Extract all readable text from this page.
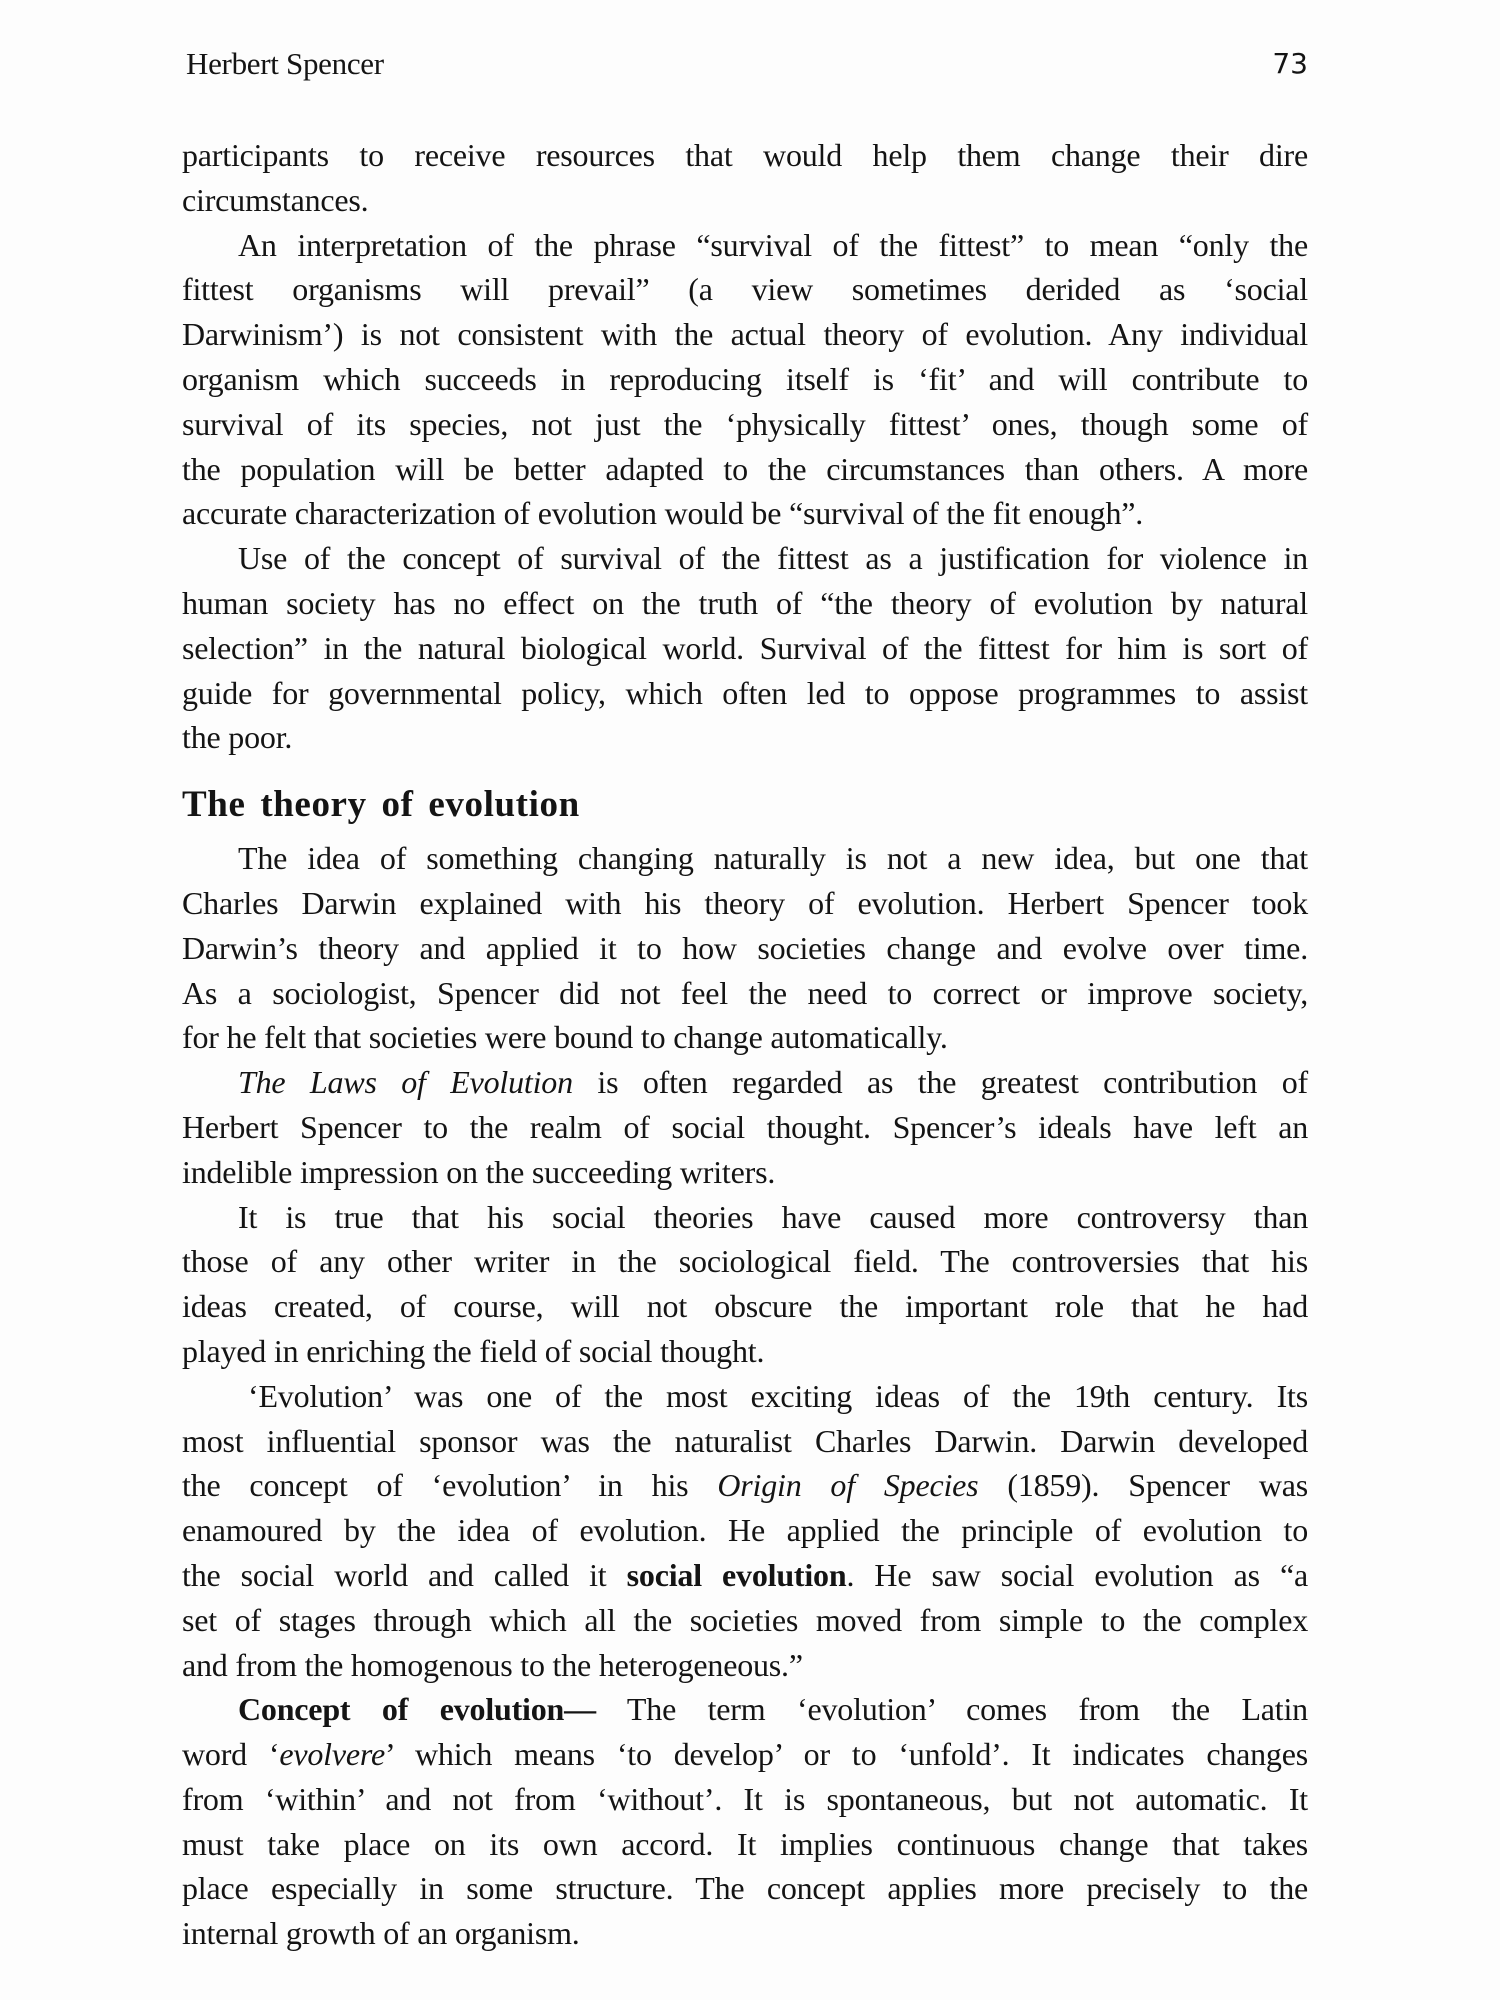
Herbert Spencer	73
participants to receive resources that would help them change their dire
circumstances.
An interpretation of the phrase “survival of the fittest” to mean “only the
fittest organisms will prevail” (a view sometimes derided as ‘social
Darwinism’) is not consistent with the actual theory of evolution. Any individual
organism which succeeds in reproducing itself is ‘fit’ and will contribute to
survival of its species, not just the ‘physically fittest’ ones, though some of
the population will be better adapted to the circumstances than others. A more
accurate characterization of evolution would be “survival of the fit enough”.
Use of the concept of survival of the fittest as a justification for violence in
human society has no effect on the truth of “the theory of evolution by natural
selection” in the natural biological world. Survival of the fittest for him is sort of
guide for governmental policy, which often led to oppose programmes to assist
the poor.
The theory of evolution
The idea of something changing naturally is not a new idea, but one that
Charles Darwin explained with his theory of evolution. Herbert Spencer took
Darwin’s theory and applied it to how societies change and evolve over time.
As a sociologist, Spencer did not feel the need to correct or improve society,
for he felt that societies were bound to change automatically.
The Laws of Evolution is often regarded as the greatest contribution of
Herbert Spencer to the realm of social thought. Spencer’s ideals have left an
indelible impression on the succeeding writers.
It is true that his social theories have caused more controversy than
those of any other writer in the sociological field. The controversies that his
ideas created, of course, will not obscure the important role that he had
played in enriching the field of social thought.
‘Evolution’ was one of the most exciting ideas of the 19th century. Its
most influential sponsor was the naturalist Charles Darwin. Darwin developed
the concept of ‘evolution’ in his Origin of Species (1859). Spencer was
enamoured by the idea of evolution. He applied the principle of evolution to
the social world and called it social evolution. He saw social evolution as “a
set of stages through which all the societies moved from simple to the complex
and from the homogenous to the heterogeneous.”
Concept of evolution— The term ‘evolution’ comes from the Latin
word ‘evolvere’ which means ‘to develop’ or to ‘unfold’. It indicates changes
from ‘within’ and not from ‘without’. It is spontaneous, but not automatic. It
must take place on its own accord. It implies continuous change that takes
place especially in some structure. The concept applies more precisely to the
internal growth of an organism.
